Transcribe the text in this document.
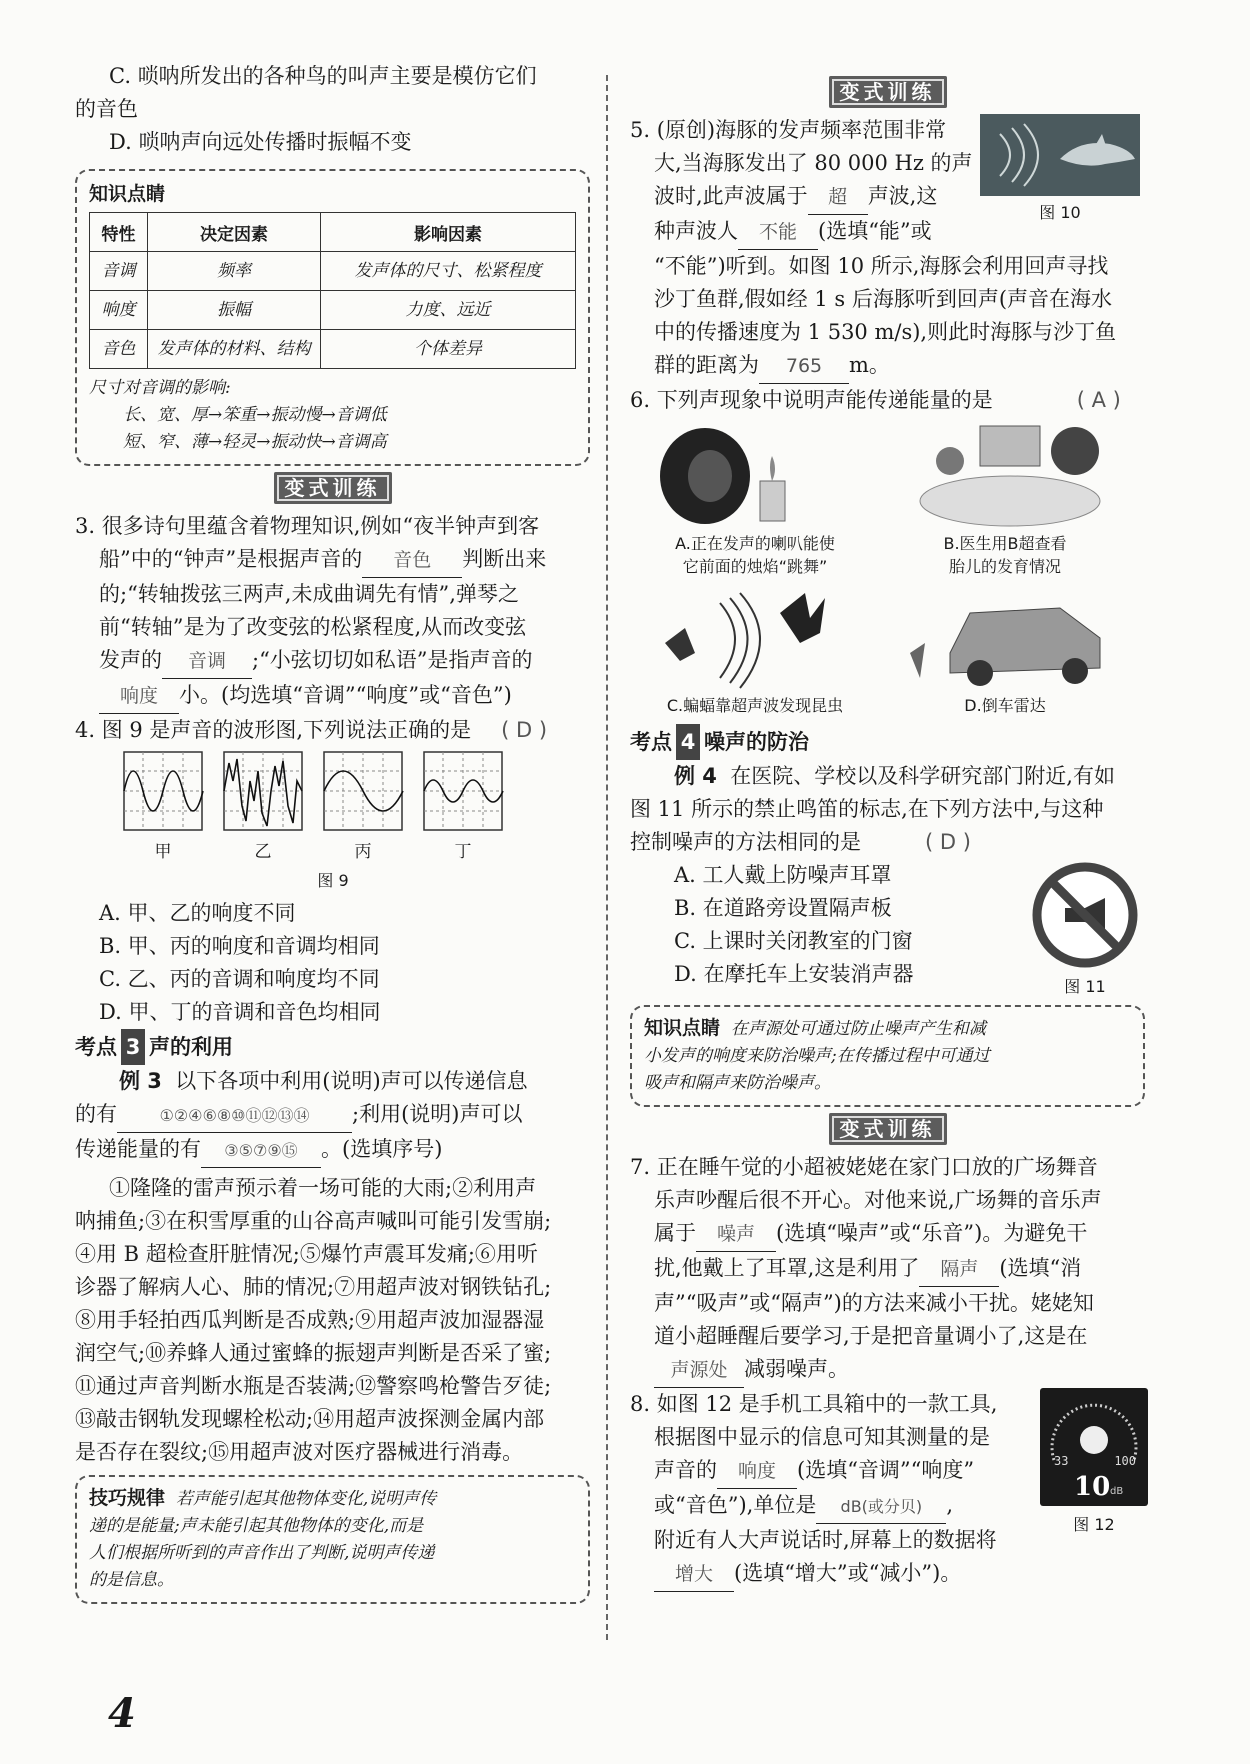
C. 唢呐所发出的各种鸟的叫声主要是模仿它们

的音色

D. 唢呐声向远处传播时振幅不变

知识点睛
特性	决定因素	影响因素
音调	频率	发声体的尺寸、松紧程度
响度	振幅	力度、远近
音色	发声体的材料、结构	个体差异

尺寸对音调的影响:

长、宽、厚→笨重→振动慢→音调低

短、窄、薄→轻灵→振动快→音调高

变式训练

3. 很多诗句里蕴含着物理知识,例如“夜半钟声到客

船”中的“钟声”是根据声音的 音色 判断出来

的;“转轴拨弦三两声,未成曲调先有情”,弹琴之

前“转轴”是为了改变弦的松紧程度,从而改变弦

发声的 音调 ;“小弦切切如私语”是指声音的

响度 小。(均选填“音调”“响度”或“音色”)

4. 图 9 是声音的波形图,下列说法正确的是 ( D )

甲	乙	丙	丁
图 9

A. 甲、乙的响度不同

B. 甲、丙的响度和音调均相同

C. 乙、丙的音调和响度均不同

D. 甲、丁的音调和音色均相同

考点 3 声的利用

例 3 以下各项中利用(说明)声可以传递信息

的有	①②④⑥⑧⑩⑪⑫⑬⑭ ;利用(说明)声可以

传递能量的有 ③⑤⑦⑨⑮ 。(选填序号)

①隆隆的雷声预示着一场可能的大雨;②利用声

呐捕鱼;③在积雪厚重的山谷高声喊叫可能引发雪崩;

④用 B 超检查肝脏情况;⑤爆竹声震耳发痛;⑥用听

诊器了解病人心、肺的情况;⑦用超声波对钢铁钻孔;

⑧用手轻拍西瓜判断是否成熟;⑨用超声波加湿器湿

润空气;⑩养蜂人通过蜜蜂的振翅声判断是否采了蜜;

⑪通过声音判断水瓶是否装满;⑫警察鸣枪警告歹徒;

⑬敲击钢轨发现螺栓松动;⑭用超声波探测金属内部

是否存在裂纹;⑮用超声波对医疗器械进行消毒。

技巧规律 若声能引起其他物体变化,说明声传

递的是能量;声未能引起其他物体的变化,而是

人们根据所听到的声音作出了判断,说明声传递

的是信息。

变式训练

5. (原创)海豚的发声频率范围非常

大,当海豚发出了 80 000 Hz 的声

波时,此声波属于 超 声波,这

种声波人 不能 (选填“能”或

图 10

“不能”)听到。如图 10 所示,海豚会利用回声寻找

沙丁鱼群,假如经 1 s 后海豚听到回声(声音在海水

中的传播速度为 1 530 m/s),则此时海豚与沙丁鱼

群的距离为 765 m。

6. 下列声现象中说明声能传递能量的是	( A )

A.正在发声的喇叭能使

它前面的烛焰“跳舞”

B.医生用B超查看

胎儿的发育情况

C.蝙蝠靠超声波发现昆虫	D.倒车雷达

考点 4 噪声的防治

例 4 在医院、学校以及科学研究部门附近,有如

图 11 所示的禁止鸣笛的标志,在下列方法中,与这种

控制噪声的方法相同的是	( D )

A. 工人戴上防噪声耳罩

B. 在道路旁设置隔声板

C. 上课时关闭教室的门窗

D. 在摩托车上安装消声器

图 11

知识点睛 在声源处可通过防止噪声产生和减

小发声的响度来防治噪声;在传播过程中可通过

吸声和隔声来防治噪声。

变式训练

7. 正在睡午觉的小超被姥姥在家门口放的广场舞音

乐声吵醒后很不开心。对他来说,广场舞的音乐声

属于 噪声 (选填“噪声”或“乐音”)。为避免干

扰,他戴上了耳罩,这是利用了 隔声 (选填“消

声”“吸声”或“隔声”)的方法来减小干扰。姥姥知

道小超睡醒后要学习,于是把音量调小了,这是在

声源处 减弱噪声。

8. 如图 12 是手机工具箱中的一款工具,

根据图中显示的信息可知其测量的是

声音的 响度 (选填“音调”“响度”

或“音色”),单位是 dB(或分贝) ,

附近有人大声说话时,屏幕上的数据将

增大 (选填“增大”或“减小”)。

33	100
10 dB
图 12
4
